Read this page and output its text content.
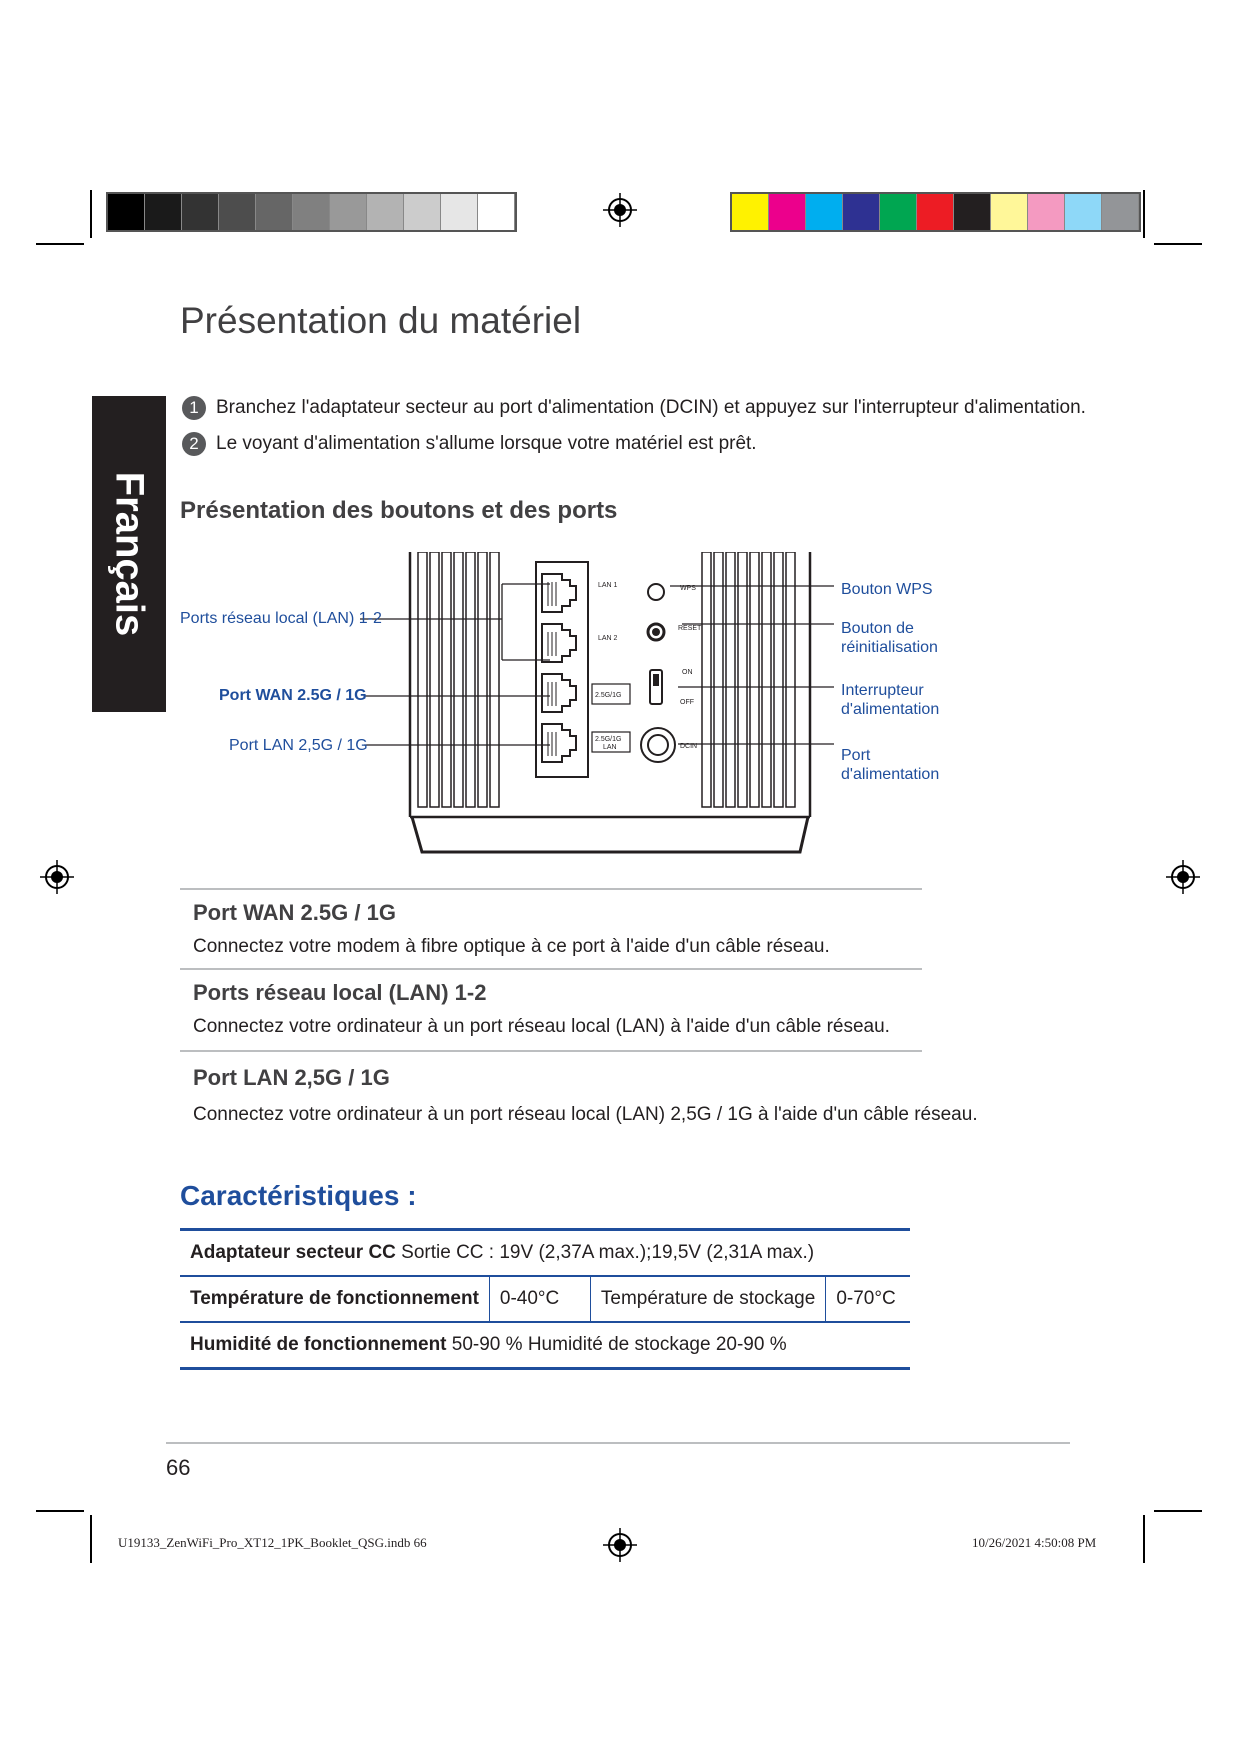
Français
Présentation du matériel
1 Branchez l'adaptateur secteur au port d'alimentation (DCIN) et appuyez sur l'interrupteur d'alimentation.
2 Le voyant d'alimentation s'allume lorsque votre matériel est prêt.
Présentation des boutons et des ports
LAN 1
LAN 2
2.5G/1G
2.5G/1G
LAN
WPS
RESET
ON
OFF
DCIN
Ports réseau local (LAN) 1-2
Port WAN 2.5G / 1G
Port LAN 2,5G / 1G
Bouton WPS
Bouton de
réinitialisation
Interrupteur
d'alimentation
Port
d'alimentation
Port WAN 2.5G / 1G
Connectez votre modem à fibre optique à ce port à l'aide d'un câble réseau.
Ports réseau local (LAN) 1-2
Connectez votre ordinateur à un port réseau local (LAN) à l'aide d'un câble réseau.
Port LAN 2,5G / 1G
Connectez votre ordinateur à un port réseau local (LAN) 2,5G / 1G à l'aide d'un câble réseau.
Caractéristiques :
Adaptateur secteur CC Sortie CC : 19V (2,37A max.);19,5V (2,31A max.)
Température de fonctionnement	0-40°C	Température de stockage	0-70°C
Humidité de fonctionnement 50-90 % Humidité de stockage 20-90 %
66
U19133_ZenWiFi_Pro_XT12_1PK_Booklet_QSG.indb 66	10/26/2021 4:50:08 PM
